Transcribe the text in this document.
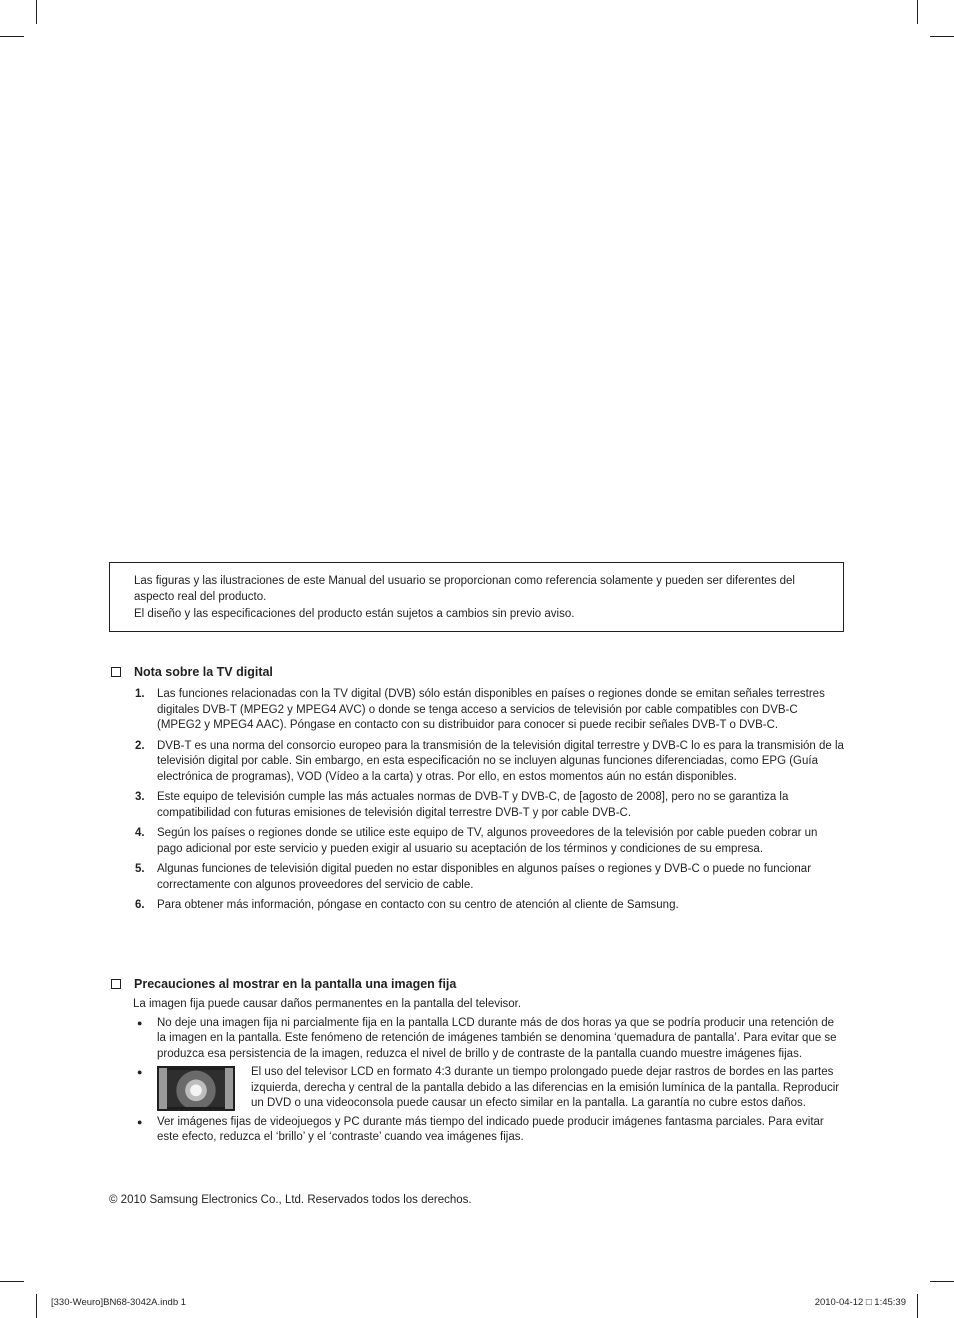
Las figuras y las ilustraciones de este Manual del usuario se proporcionan como referencia solamente y pueden ser diferentes del aspecto real del producto.

El diseño y las especificaciones del producto están sujetos a cambios sin previo aviso.

Nota sobre la TV digital
1. Las funciones relacionadas con la TV digital (DVB) sólo están disponibles en países o regiones donde se emitan señales terrestres digitales DVB-T (MPEG2 y MPEG4 AVC) o donde se tenga acceso a servicios de televisión por cable compatibles con DVB-C (MPEG2 y MPEG4 AAC). Póngase en contacto con su distribuidor para conocer si puede recibir señales DVB-T o DVB-C.
2. DVB-T es una norma del consorcio europeo para la transmisión de la televisión digital terrestre y DVB-C lo es para la transmisión de la televisión digital por cable. Sin embargo, en esta especificación no se incluyen algunas funciones diferenciadas, como EPG (Guía electrónica de programas), VOD (Vídeo a la carta) y otras. Por ello, en estos momentos aún no están disponibles.
3. Este equipo de televisión cumple las más actuales normas de DVB-T y DVB-C, de [agosto de 2008], pero no se garantiza la compatibilidad con futuras emisiones de televisión digital terrestre DVB-T y por cable DVB-C.
4. Según los países o regiones donde se utilice este equipo de TV, algunos proveedores de la televisión por cable pueden cobrar un pago adicional por este servicio y pueden exigir al usuario su aceptación de los términos y condiciones de su empresa.
5. Algunas funciones de televisión digital pueden no estar disponibles en algunos países o regiones y DVB-C o puede no funcionar correctamente con algunos proveedores del servicio de cable.
6. Para obtener más información, póngase en contacto con su centro de atención al cliente de Samsung.
Precauciones al mostrar en la pantalla una imagen fija
La imagen fija puede causar daños permanentes en la pantalla del televisor.
● No deje una imagen fija ni parcialmente fija en la pantalla LCD durante más de dos horas ya que se podría producir una retención de la imagen en la pantalla. Este fenómeno de retención de imágenes también se denomina ‘quemadura de pantalla’. Para evitar que se produzca esa persistencia de la imagen, reduzca el nivel de brillo y de contraste de la pantalla cuando muestre imágenes fijas.
●	El uso del televisor LCD en formato 4:3 durante un tiempo prolongado puede dejar rastros de bordes en las partes izquierda, derecha y central de la pantalla debido a las diferencias en la emisión lumínica de la pantalla. Reproducir un DVD o una videoconsola puede causar un efecto similar en la pantalla. La garantía no cubre estos daños.
● Ver imágenes fijas de videojuegos y PC durante más tiempo del indicado puede producir imágenes fantasma parciales. Para evitar este efecto, reduzca el ‘brillo’ y el ‘contraste’ cuando vea imágenes fijas.
© 2010 Samsung Electronics Co., Ltd. Reservados todos los derechos.
[330-Weuro]BN68-3042A.indb 1	2010-04-12 □ 1:45:39
